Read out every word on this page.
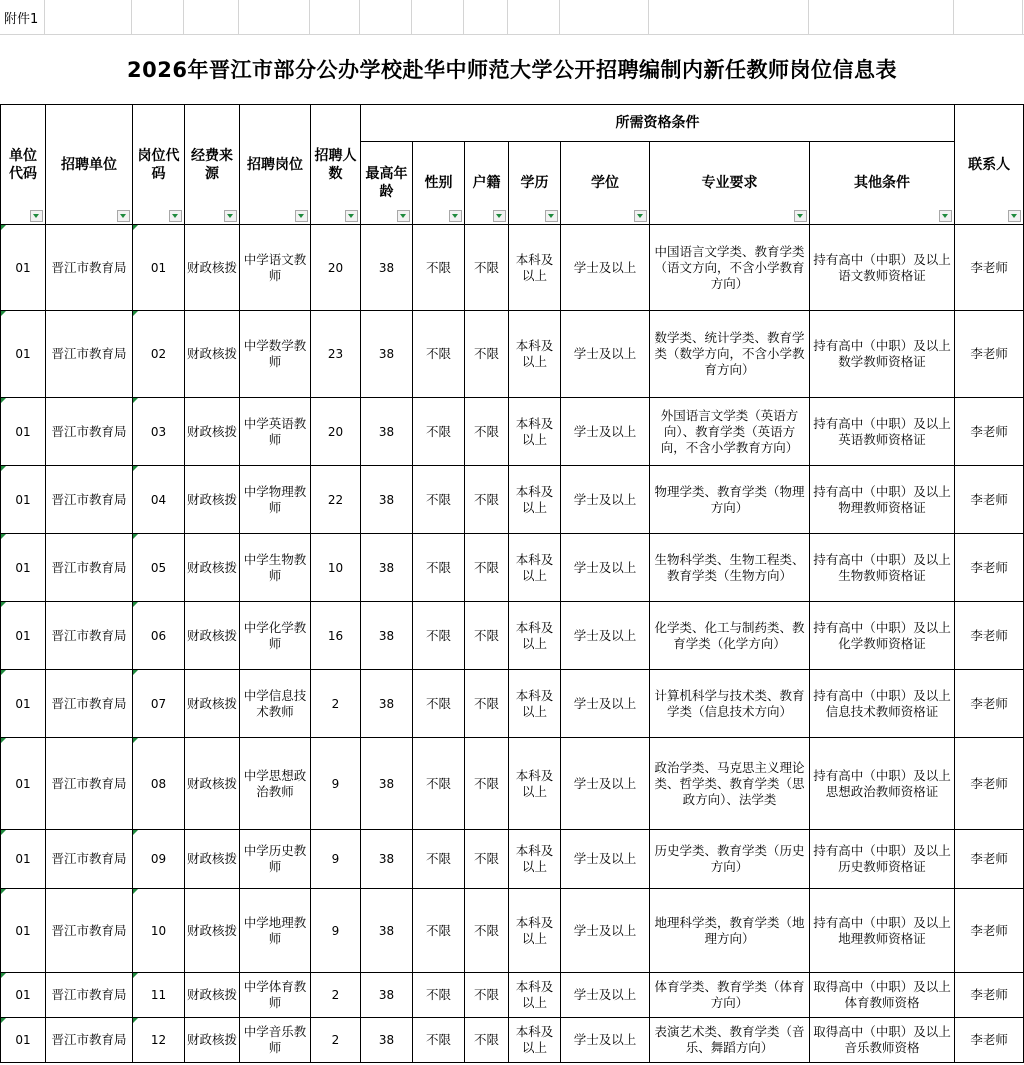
附件1
2026年晋江市部分公办学校赴华中师范大学公开招聘编制内新任教师岗位信息表
单位代码	招聘单位	岗位代码	经费来源	招聘岗位	招聘人数	所需资格条件							联系人

						最高年龄	性别	户籍	学历	学位	专业要求	其他条件	

01	晋江市教育局	01	财政核拨	中学语文教师	20	38	不限	不限	本科及以上	学士及以上	中国语言文学类、教育学类（语文方向，不含小学教育方向）	持有高中（中职）及以上语文教师资格证	李老师

01	晋江市教育局	02	财政核拨	中学数学教师	23	38	不限	不限	本科及以上	学士及以上	数学类、统计学类、教育学类（数学方向，不含小学教育方向）	持有高中（中职）及以上数学教师资格证	李老师

01	晋江市教育局	03	财政核拨	中学英语教师	20	38	不限	不限	本科及以上	学士及以上	外国语言文学类（英语方向）、教育学类（英语方向，不含小学教育方向）	持有高中（中职）及以上英语教师资格证	李老师

01	晋江市教育局	04	财政核拨	中学物理教师	22	38	不限	不限	本科及以上	学士及以上	物理学类、教育学类（物理方向）	持有高中（中职）及以上物理教师资格证	李老师

01	晋江市教育局	05	财政核拨	中学生物教师	10	38	不限	不限	本科及以上	学士及以上	生物科学类、生物工程类、教育学类（生物方向）	持有高中（中职）及以上生物教师资格证	李老师

01	晋江市教育局	06	财政核拨	中学化学教师	16	38	不限	不限	本科及以上	学士及以上	化学类、化工与制药类、教育学类（化学方向）	持有高中（中职）及以上化学教师资格证	李老师

01	晋江市教育局	07	财政核拨	中学信息技术教师	2	38	不限	不限	本科及以上	学士及以上	计算机科学与技术类、教育学类（信息技术方向）	持有高中（中职）及以上信息技术教师资格证	李老师

01	晋江市教育局	08	财政核拨	中学思想政治教师	9	38	不限	不限	本科及以上	学士及以上	政治学类、马克思主义理论类、哲学类、教育学类（思政方向）、法学类	持有高中（中职）及以上思想政治教师资格证	李老师

01	晋江市教育局	09	财政核拨	中学历史教师	9	38	不限	不限	本科及以上	学士及以上	历史学类、教育学类（历史方向）	持有高中（中职）及以上历史教师资格证	李老师

01	晋江市教育局	10	财政核拨	中学地理教师	9	38	不限	不限	本科及以上	学士及以上	地理科学类，教育学类（地理方向）	持有高中（中职）及以上地理教师资格证	李老师

01	晋江市教育局	11	财政核拨	中学体育教师	2	38	不限	不限	本科及以上	学士及以上	体育学类、教育学类（体育方向）	取得高中（中职）及以上体育教师资格	李老师

01	晋江市教育局	12	财政核拨	中学音乐教师	2	38	不限	不限	本科及以上	学士及以上	表演艺术类、教育学类（音乐、舞蹈方向）	取得高中（中职）及以上音乐教师资格	李老师
